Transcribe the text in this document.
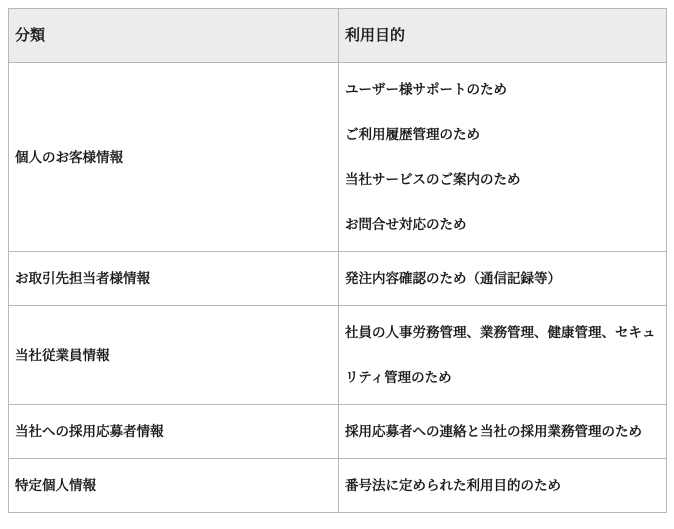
分類	利用目的
個人のお客様情報	ユーザー様サポートのため
ご利用履歴管理のため
当社サービスのご案内のため
お問合せ対応のため

お取引先担当者様情報	発注内容確認のため（通信記録等）

当社従業員情報	社員の人事労務管理、業務管理、健康管理、セキュリティ管理のため

当社への採用応募者情報	採用応募者への連絡と当社の採用業務管理のため

特定個人情報	番号法に定められた利用目的のため
